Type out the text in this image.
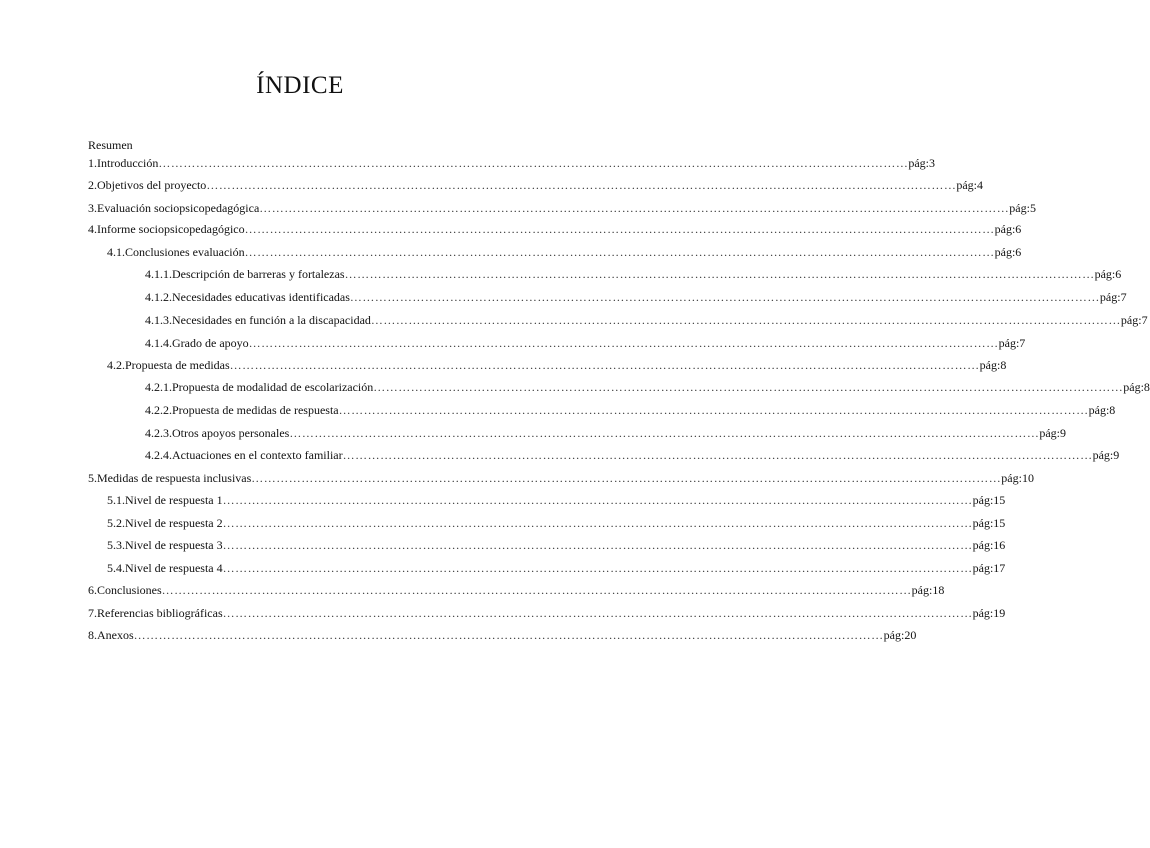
ÍNDICE
Resumen
1.Introducción ……………………………………………………………………………………………………………………………………………………………… pág:3
2.Objetivos del proyecto ……………………………………………………………………………………………………………………………………………………………… pág:4
3.Evaluación sociopsicopedagógica ……………………………………………………………………………………………………………………………………………………………… pág:5
4.Informe sociopsicopedagógico ……………………………………………………………………………………………………………………………………………………………… pág:6
4.1.Conclusiones evaluación ……………………………………………………………………………………………………………………………………………………………… pág:6
4.1.1.Descripción de barreras y fortalezas ……………………………………………………………………………………………………………………………………………………………… pág:6
4.1.2.Necesidades educativas identificadas ……………………………………………………………………………………………………………………………………………………………… pág:7
4.1.3.Necesidades en función a la discapacidad ……………………………………………………………………………………………………………………………………………………………… pág:7
4.1.4.Grado de apoyo ……………………………………………………………………………………………………………………………………………………………… pág:7
4.2.Propuesta de medidas ……………………………………………………………………………………………………………………………………………………………… pág:8
4.2.1.Propuesta de modalidad de escolarización ……………………………………………………………………………………………………………………………………………………………… pág:8
4.2.2.Propuesta de medidas de respuesta ……………………………………………………………………………………………………………………………………………………………… pág:8
4.2.3.Otros apoyos personales ……………………………………………………………………………………………………………………………………………………………… pág:9
4.2.4.Actuaciones en el contexto familiar ……………………………………………………………………………………………………………………………………………………………… pág:9
5.Medidas de respuesta inclusivas ……………………………………………………………………………………………………………………………………………………………… pág:10
5.1.Nivel de respuesta 1 ……………………………………………………………………………………………………………………………………………………………… pág:15
5.2.Nivel de respuesta 2 ……………………………………………………………………………………………………………………………………………………………… pág:15
5.3.Nivel de respuesta 3 ……………………………………………………………………………………………………………………………………………………………… pág:16
5.4.Nivel de respuesta 4 ……………………………………………………………………………………………………………………………………………………………… pág:17
6.Conclusiones ……………………………………………………………………………………………………………………………………………………………… pág:18
7.Referencias bibliográficas ……………………………………………………………………………………………………………………………………………………………… pág:19
8.Anexos ……………………………………………………………………………………………………………………………………………………………… pág:20
